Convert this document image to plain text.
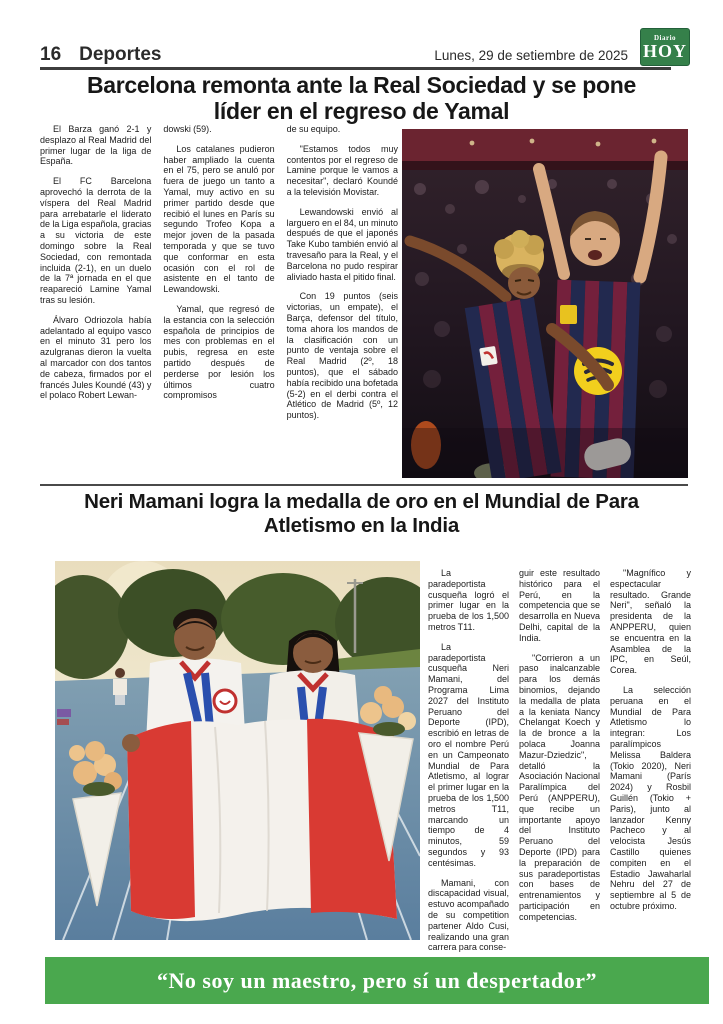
16 Deportes	Lunes, 29 de setiembre de 2025
Diario
HOY
Barcelona remonta ante la Real Sociedad y se pone líder en el regreso de Yamal

El Barza ganó 2-1 y desplazo al Real Madrid del primer lugar de la liga de España.

El FC Barcelona aprovechó la derrota de la víspera del Real Madrid para arrebatarle el liderato de la Liga española, gracias a su victoria de este domingo sobre la Real Sociedad, con remontada incluida (2-1), en un duelo de la 7ª jornada en el que reapareció Lamine Yamal tras su lesión.

Álvaro Odriozola había adelantado al equipo vasco en el minuto 31 pero los azulgranas dieron la vuelta al marcador con dos tantos de cabeza, firmados por el francés Jules Koundé (43) y el polaco Robert Lewan-

dowski (59).

Los catalanes pudieron haber ampliado la cuenta en el 75, pero se anuló por fuera de juego un tanto a Yamal, muy activo en su primer partido desde que recibió el lunes en París su segundo Trofeo Kopa a mejor joven de la pasada temporada y que se tuvo que conformar en esta ocasión con el rol de asistente en el tanto de Lewandowski.

Yamal, que regresó de la estancia con la selección española de principios de mes con problemas en el pubis, regresa en este partido después de perderse por lesión los últimos cuatro compromisos

de su equipo.

"Estamos todos muy contentos por el regreso de Lamine porque le vamos a necesitar", declaró Koundé a la televisión Movistar.

Lewandowski envió al larguero en el 84, un minuto después de que el japonés Take Kubo también envió al travesaño para la Real, y el Barcelona no pudo respirar aliviado hasta el pitido final.

Con 19 puntos (seis victorias, un empate), el Barça, defensor del título, toma ahora los mandos de la clasificación con un punto de ventaja sobre el Real Madrid (2º, 18 puntos), que el sábado había recibido una bofetada (5-2) en el derbi contra el Atlético de Madrid (5º, 12 puntos).

Neri Mamani logra la medalla de oro en el Mundial de Para Atletismo en la India

La paradeportista cusqueña logró el primer lugar en la prueba de los 1,500 metros T11.

La paradeportista cusqueña Neri Mamani, del Programa Lima 2027 del Instituto Peruano del Deporte (IPD), escribió en letras de oro el nombre Perú en un Campeonato Mundial de Para Atletismo, al lograr el primer lugar en la prueba de los 1,500 metros T11, marcando un tiempo de 4 minutos, 59 segundos y 93 centésimas.

Mamani, con discapacidad visual, estuvo acompañado de su competition partener Aldo Cusi, realizando una gran carrera para conse-

guir este resultado histórico para el Perú, en la competencia que se desarrolla en Nueva Delhi, capital de la India.

"Corrieron a un paso inalcanzable para los demás binomios, dejando la medalla de plata a la keniata Nancy Chelangat Koech y la de bronce a la polaca Joanna Mazur-Dziedzic", detalló la Asociación Nacional Paralímpica del Perú (ANPPERU), que recibe un importante apoyo del Instituto Peruano del Deporte (IPD) para la preparación de sus paradeportistas con bases de entrenamientos y participación en competencias.

"Magnífico y espectacular resultado. Grande Neri", señaló la presidenta de la ANPPERU, quien se encuentra en la Asamblea de la IPC, en Seúl, Corea.

La selección peruana en el Mundial de Para Atletismo lo integran: Los paralímpicos Melissa Baldera (Tokio 2020), Neri Mamani (París 2024) y Rosbil Guillén (Tokio + Paris), junto al lanzador Kenny Pacheco y al velocista Jesús Castillo quienes compiten en el Estadio Jawaharlal Nehru del 27 de septiembre al 5 de octubre próximo.

“No soy un maestro, pero sí un despertador”
